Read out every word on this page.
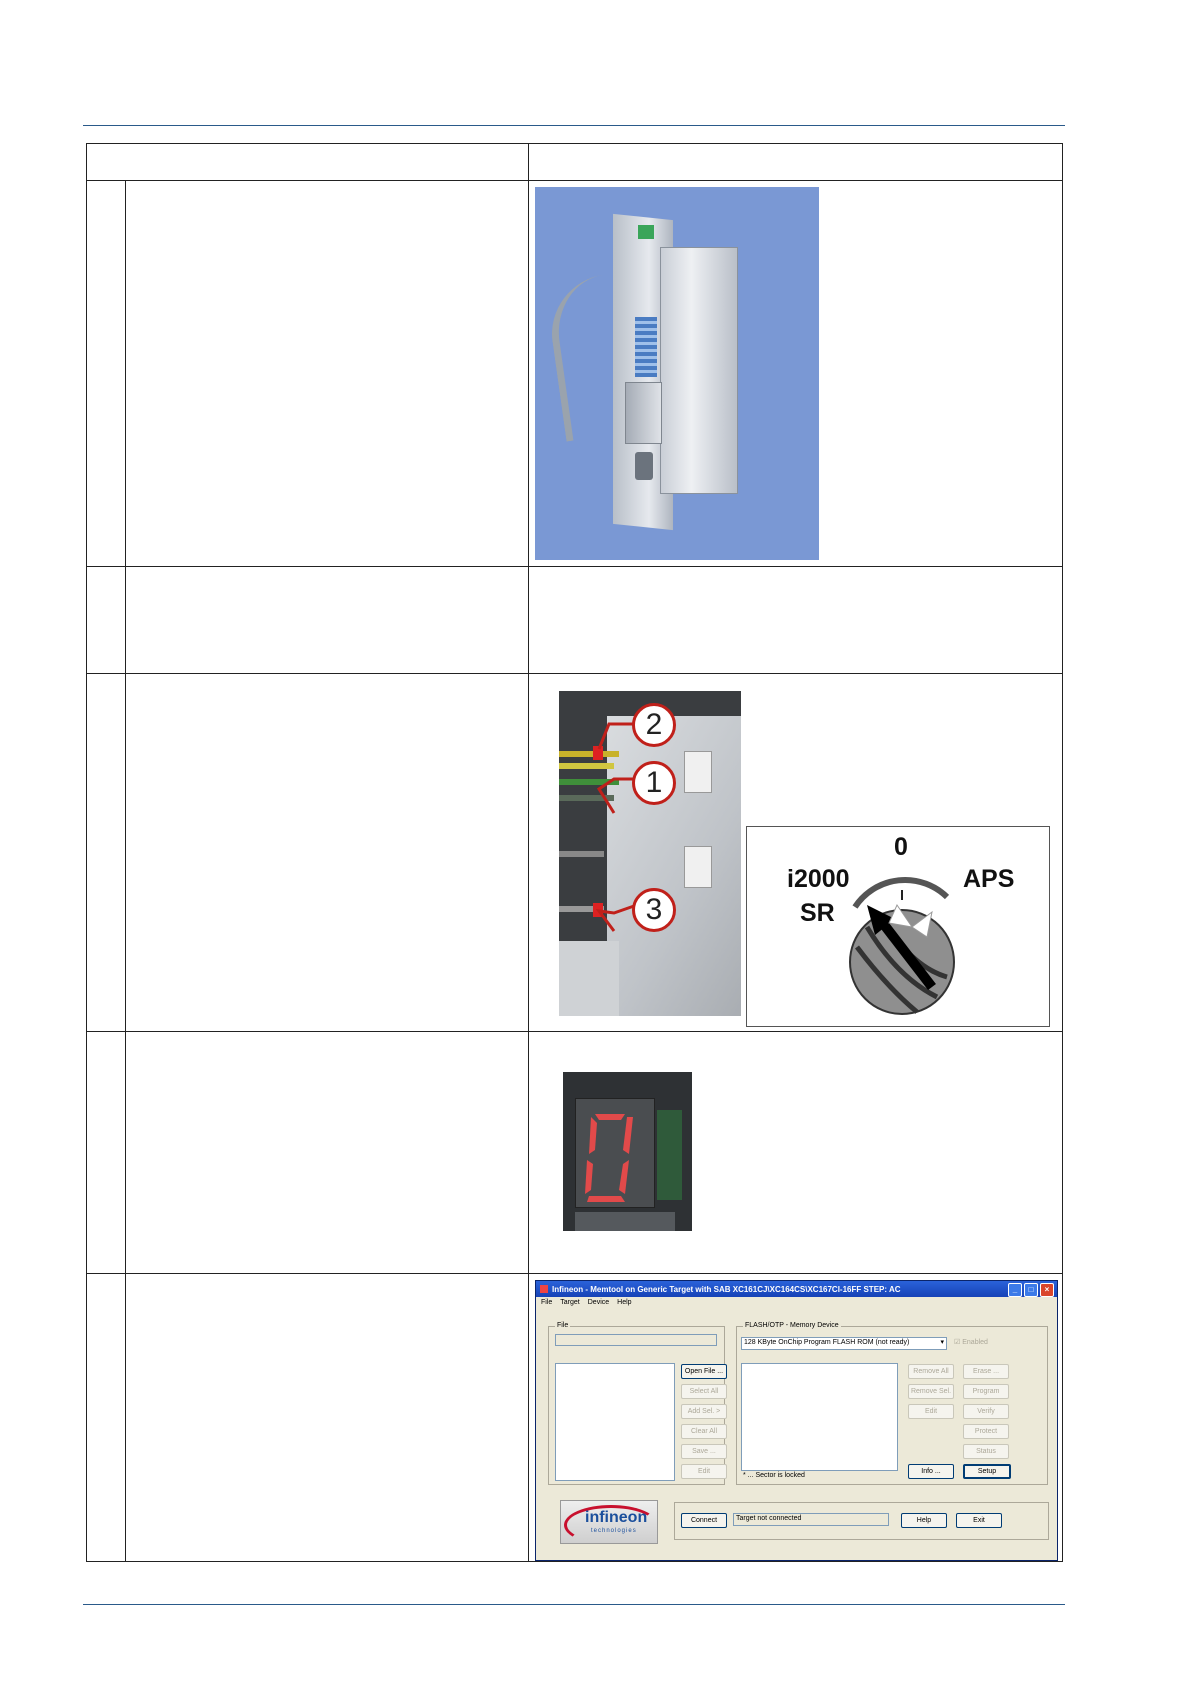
2
1
3
0
i2000
SR
APS
Infineon - Memtool on Generic Target with SAB XC161CJ\XC164CS\XC167CI-16FF STEP: AC	_	□	×
File Target Device Help
File
Open File ...
Select All
Add Sel. >
Clear All
Save ...
Edit
FLASH/OTP - Memory Device
128 KByte OnChip Program FLASH ROM (not ready)	▾ ☑ Enabled
* ... Sector is locked
Remove All
Remove Sel.
Edit
Erase ...
Program
Verify
Protect
Status
Info ...	Setup
infineon
technologies
Connect	Target not connected	Help	Exit
